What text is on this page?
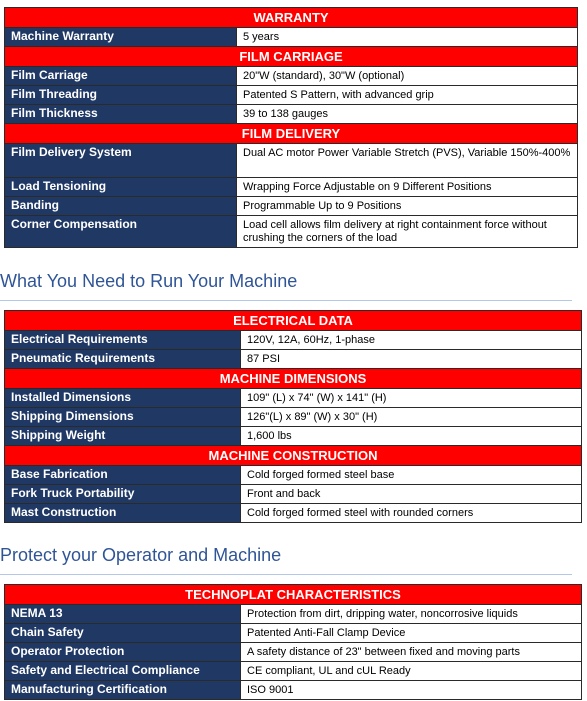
WARRANTY	
Machine Warranty	5 years
FILM CARRIAGE	
Film Carriage	20"W (standard), 30"W (optional)
Film Threading	Patented S Pattern, with advanced grip
Film Thickness	39 to 138 gauges
FILM DELIVERY	
Film Delivery System	Dual AC motor Power Variable Stretch (PVS), Variable 150%-400%
Load Tensioning	Wrapping Force Adjustable on 9 Different Positions
Banding	Programmable Up to 9 Positions
Corner Compensation	Load cell allows film delivery at right containment force without crushing the corners of the load
What You Need to Run Your Machine
ELECTRICAL DATA	
Electrical Requirements	120V, 12A, 60Hz, 1-phase
Pneumatic Requirements	87 PSI
MACHINE DIMENSIONS	
Installed Dimensions	109" (L) x 74" (W) x 141" (H)
Shipping Dimensions	126"(L) x 89" (W) x 30" (H)
Shipping Weight	1,600 lbs
MACHINE CONSTRUCTION	
Base Fabrication	Cold forged formed steel base
Fork Truck Portability	Front and back
Mast Construction	Cold forged formed steel with rounded corners
Protect your Operator and Machine
TECHNOPLAT CHARACTERISTICS	
NEMA 13	Protection from dirt, dripping water, noncorrosive liquids
Chain Safety	Patented Anti-Fall Clamp Device
Operator Protection	A safety distance of 23" between fixed and moving parts
Safety and Electrical Compliance	CE compliant, UL and cUL Ready
Manufacturing Certification	ISO 9001
